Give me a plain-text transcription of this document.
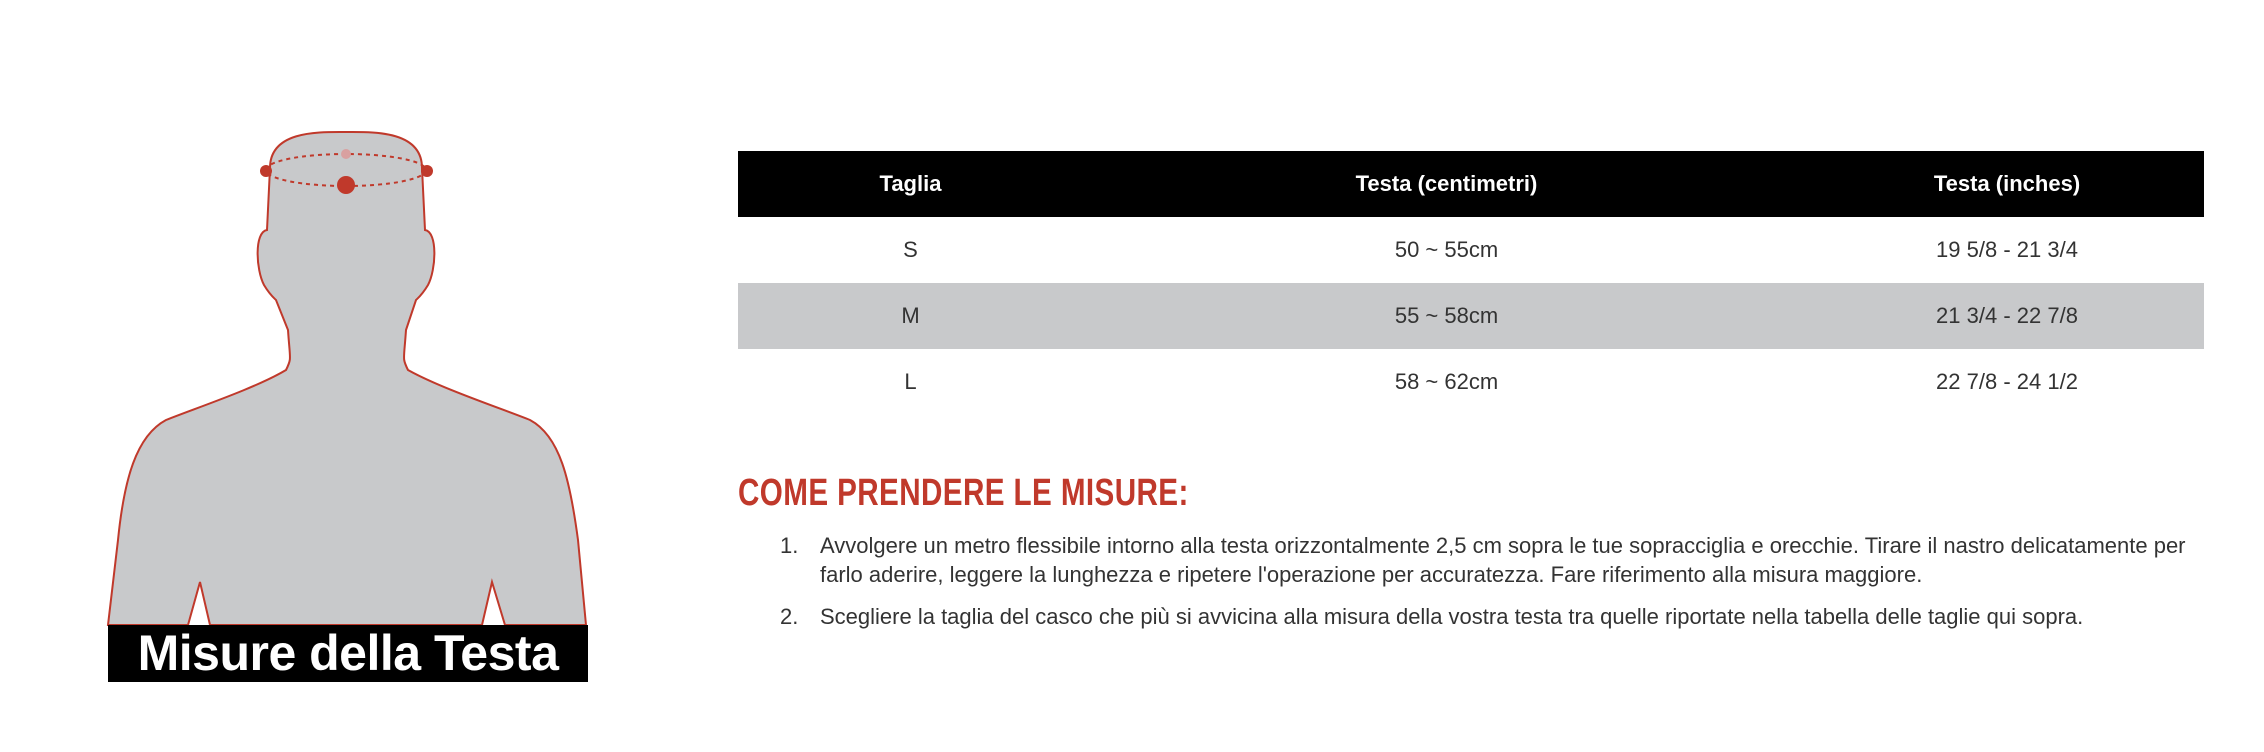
Misure della Testa
Taglia	Testa (centimetri)	Testa (inches)
S	50 ~ 55cm	19 5/8 - 21 3/4
M	55 ~ 58cm	21 3/4 - 22 7/8
L	58 ~ 62cm	22 7/8 - 24 1/2
COME PRENDERE LE MISURE:
1. Avvolgere un metro flessibile intorno alla testa orizzontalmente 2,5 cm sopra le tue sopracciglia e orecchie. Tirare il nastro delicatamente per farlo aderire, leggere la lunghezza e ripetere l'operazione per accuratezza. Fare riferimento alla misura maggiore.
2. Scegliere la taglia del casco che più si avvicina alla misura della vostra testa tra quelle riportate nella tabella delle taglie qui sopra.
